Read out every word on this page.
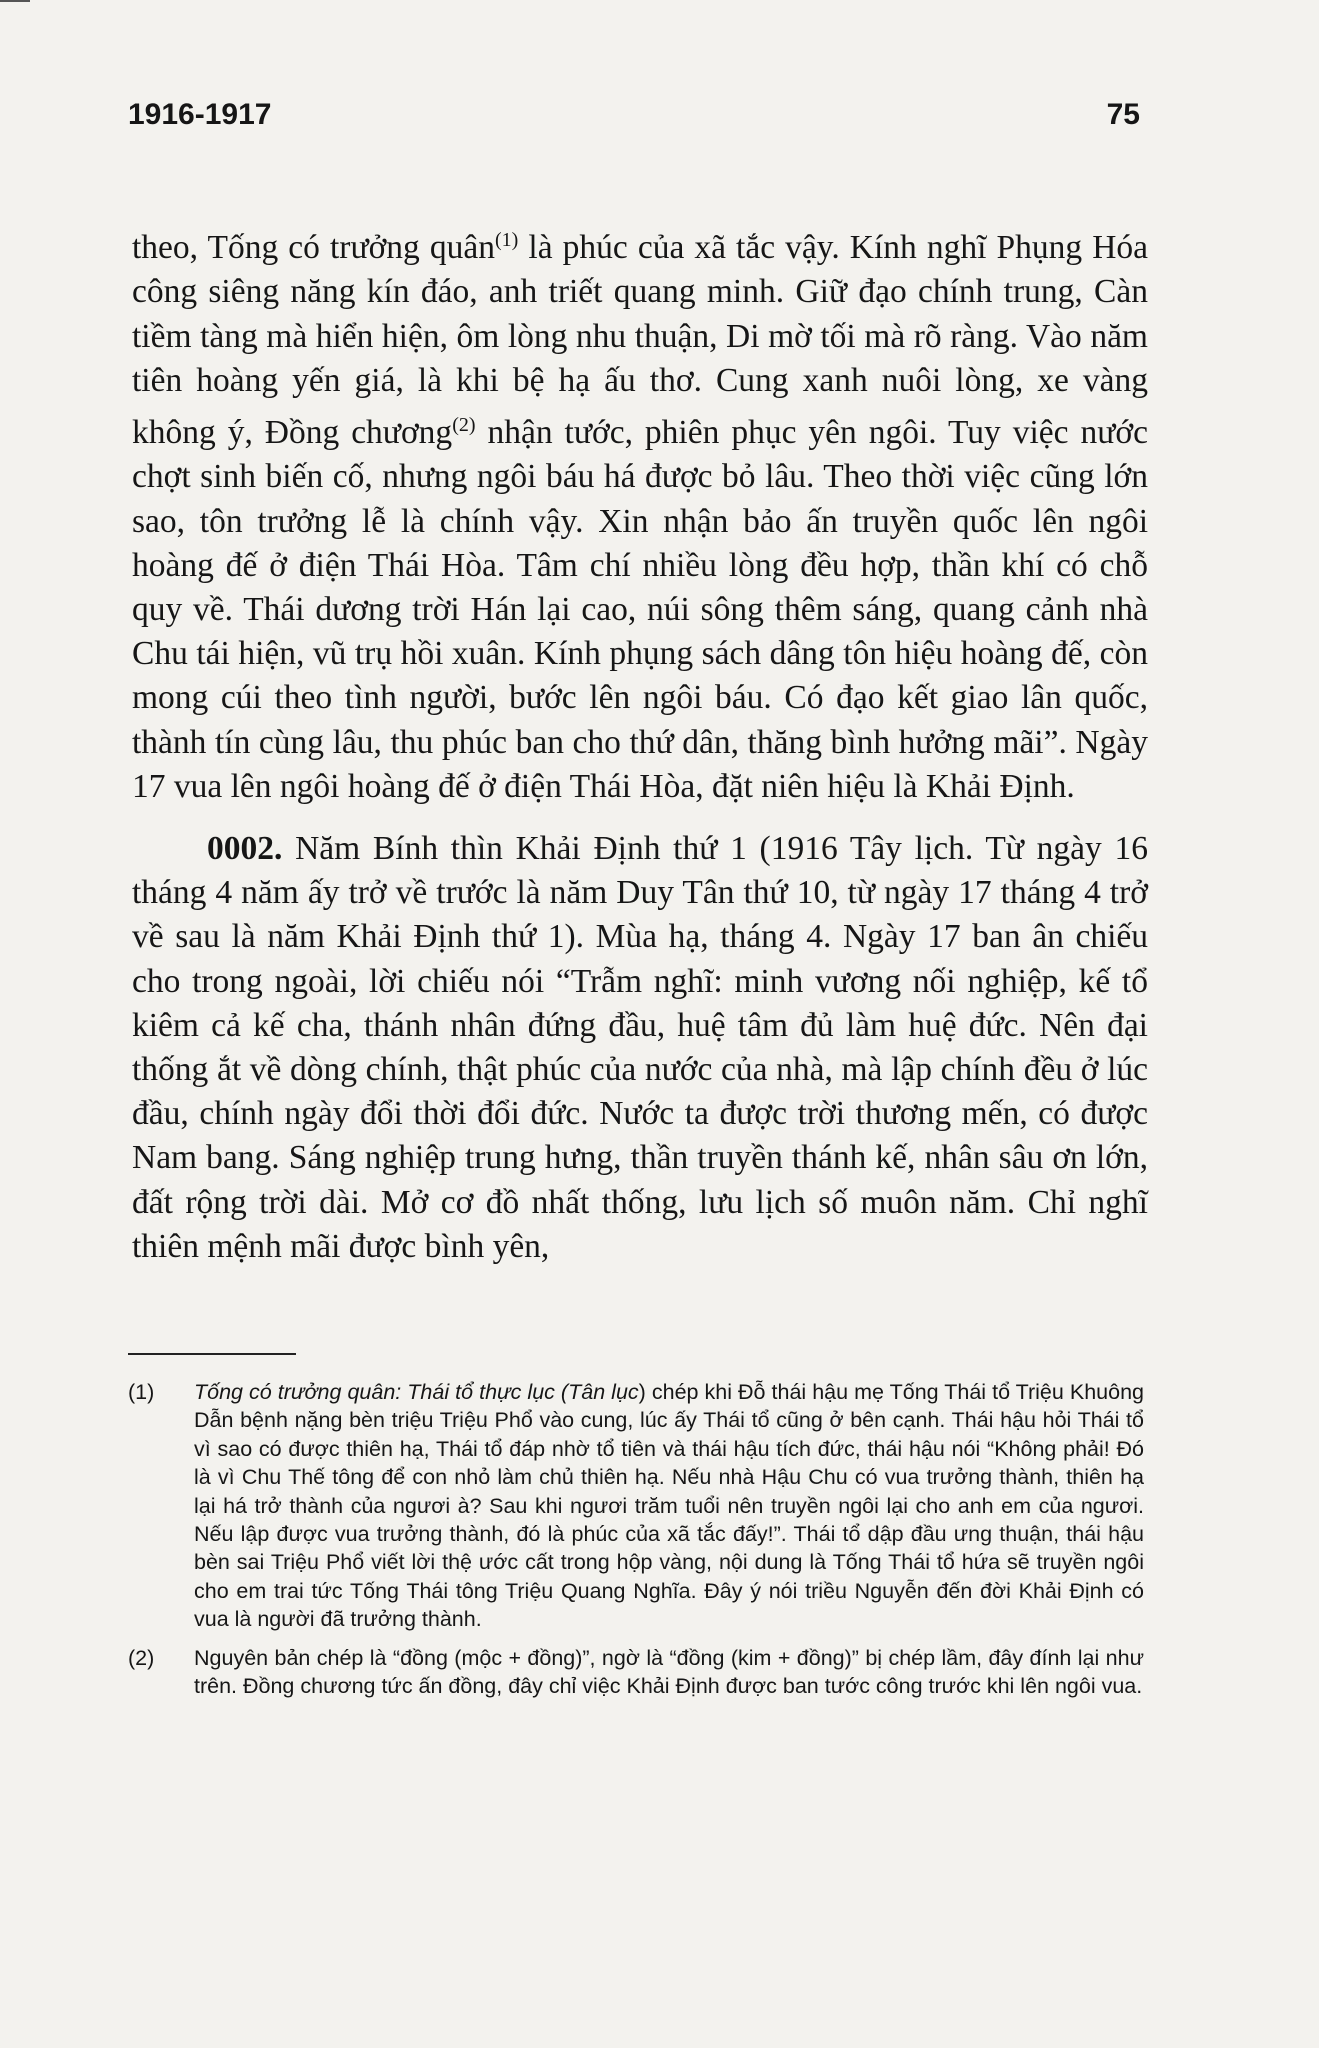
1916-1917	75

theo, Tống có trưởng quân$^{(1)}$ là phúc của xã tắc vậy. Kính nghĩ Phụng Hóa công siêng năng kín đáo, anh triết quang minh. Giữ đạo chính trung, Càn tiềm tàng mà hiển hiện, ôm lòng nhu thuận, Di mờ tối mà rõ ràng. Vào năm tiên hoàng yến giá, là khi bệ hạ ấu thơ. Cung xanh nuôi lòng, xe vàng không ý, Đồng chương$^{(2)}$ nhận tước, phiên phục yên ngôi. Tuy việc nước chợt sinh biến cố, nhưng ngôi báu há được bỏ lâu. Theo thời việc cũng lớn sao, tôn trưởng lễ là chính vậy. Xin nhận bảo ấn truyền quốc lên ngôi hoàng đế ở điện Thái Hòa. Tâm chí nhiều lòng đều hợp, thần khí có chỗ quy về. Thái dương trời Hán lại cao, núi sông thêm sáng, quang cảnh nhà Chu tái hiện, vũ trụ hồi xuân. Kính phụng sách dâng tôn hiệu hoàng đế, còn mong cúi theo tình người, bước lên ngôi báu. Có đạo kết giao lân quốc, thành tín cùng lâu, thu phúc ban cho thứ dân, thăng bình hưởng mãi”. Ngày 17 vua lên ngôi hoàng đế ở điện Thái Hòa, đặt niên hiệu là Khải Định.

0002. Năm Bính thìn Khải Định thứ 1 (1916 Tây lịch. Từ ngày 16 tháng 4 năm ấy trở về trước là năm Duy Tân thứ 10, từ ngày 17 tháng 4 trở về sau là năm Khải Định thứ 1). Mùa hạ, tháng 4. Ngày 17 ban ân chiếu cho trong ngoài, lời chiếu nói “Trẫm nghĩ: minh vương nối nghiệp, kế tổ kiêm cả kế cha, thánh nhân đứng đầu, huệ tâm đủ làm huệ đức. Nên đại thống ắt về dòng chính, thật phúc của nước của nhà, mà lập chính đều ở lúc đầu, chính ngày đổi thời đổi đức. Nước ta được trời thương mến, có được Nam bang. Sáng nghiệp trung hưng, thần truyền thánh kế, nhân sâu ơn lớn, đất rộng trời dài. Mở cơ đồ nhất thống, lưu lịch số muôn năm. Chỉ nghĩ thiên mệnh mãi được bình yên,

(1)	Tống có trưởng quân: Thái tổ thực lục (Tân lục) chép khi Đỗ thái hậu mẹ Tống Thái tổ Triệu Khuông Dẫn bệnh nặng bèn triệu Triệu Phổ vào cung, lúc ấy Thái tổ cũng ở bên cạnh. Thái hậu hỏi Thái tổ vì sao có được thiên hạ, Thái tổ đáp nhờ tổ tiên và thái hậu tích đức, thái hậu nói “Không phải! Đó là vì Chu Thế tông để con nhỏ làm chủ thiên hạ. Nếu nhà Hậu Chu có vua trưởng thành, thiên hạ lại há trở thành của ngươi à? Sau khi ngươi trăm tuổi nên truyền ngôi lại cho anh em của ngươi. Nếu lập được vua trưởng thành, đó là phúc của xã tắc đấy!”. Thái tổ dập đầu ưng thuận, thái hậu bèn sai Triệu Phổ viết lời thệ ước cất trong hộp vàng, nội dung là Tống Thái tổ hứa sẽ truyền ngôi cho em trai tức Tống Thái tông Triệu Quang Nghĩa. Đây ý nói triều Nguyễn đến đời Khải Định có vua là người đã trưởng thành.
(2)	Nguyên bản chép là “đồng (mộc + đồng)”, ngờ là “đồng (kim + đồng)” bị chép lầm, đây đính lại như trên. Đồng chương tức ấn đồng, đây chỉ việc Khải Định được ban tước công trước khi lên ngôi vua.
